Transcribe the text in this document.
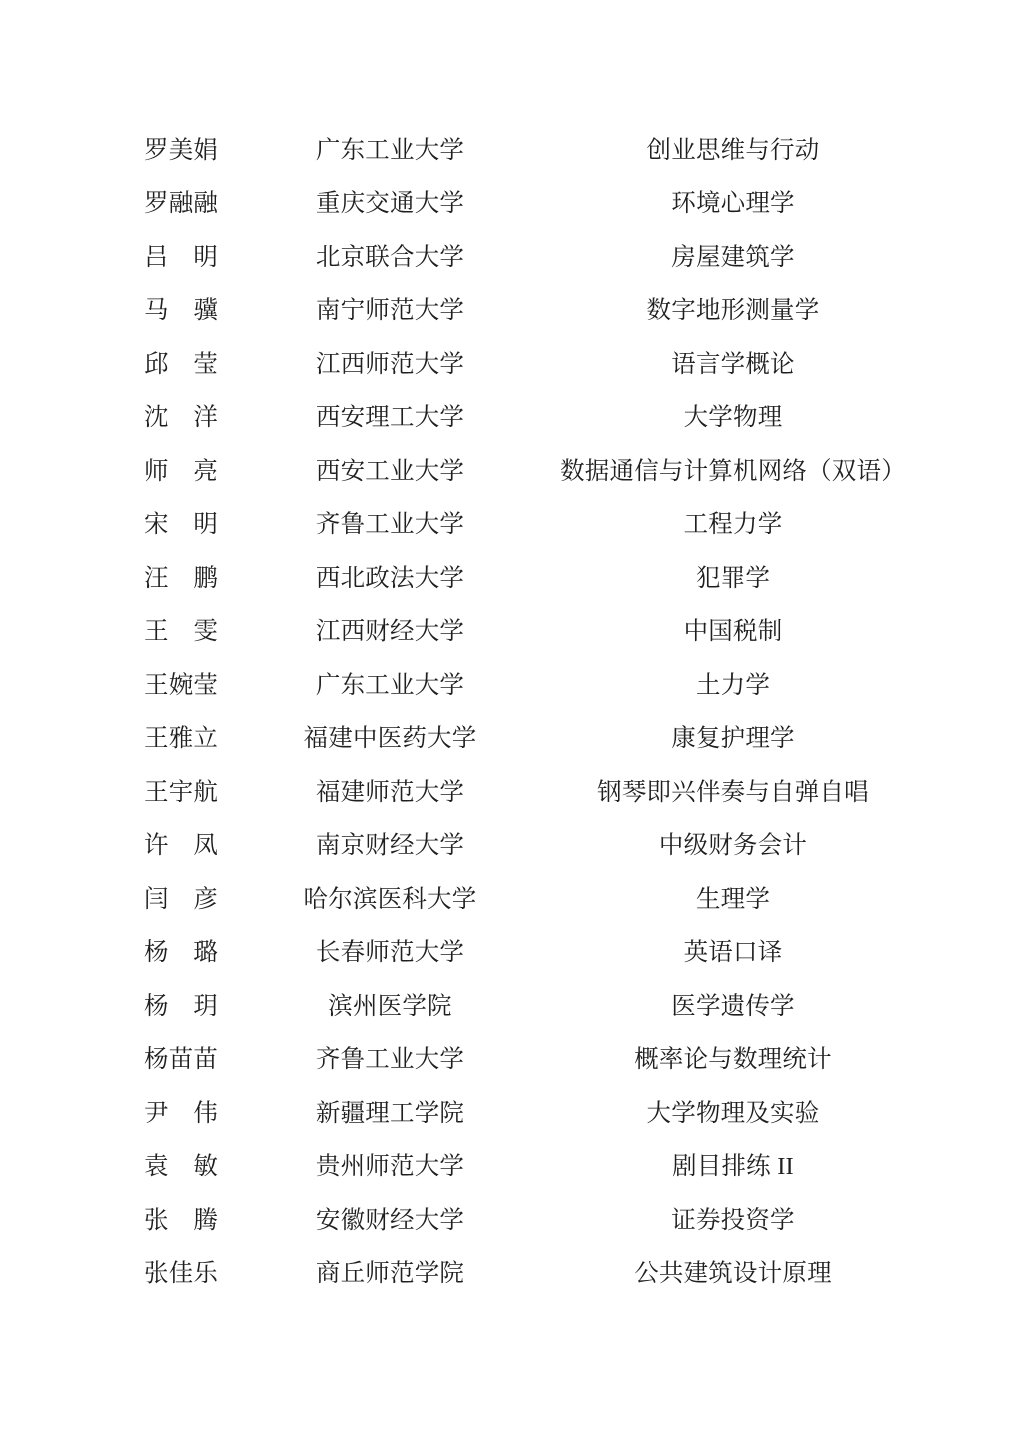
罗美娟	广东工业大学	创业思维与行动
罗融融	重庆交通大学	环境心理学
吕　明	北京联合大学	房屋建筑学
马　骥	南宁师范大学	数字地形测量学
邱　莹	江西师范大学	语言学概论
沈　洋	西安理工大学	大学物理
师　亮	西安工业大学	数据通信与计算机网络（双语）
宋　明	齐鲁工业大学	工程力学
汪　鹏	西北政法大学	犯罪学
王　雯	江西财经大学	中国税制
王婉莹	广东工业大学	土力学
王雅立	福建中医药大学	康复护理学
王宇航	福建师范大学	钢琴即兴伴奏与自弹自唱
许　凤	南京财经大学	中级财务会计
闫　彦	哈尔滨医科大学	生理学
杨　璐	长春师范大学	英语口译
杨　玥	滨州医学院	医学遗传学
杨苗苗	齐鲁工业大学	概率论与数理统计
尹　伟	新疆理工学院	大学物理及实验
袁　敏	贵州师范大学	剧目排练 II
张　腾	安徽财经大学	证券投资学
张佳乐	商丘师范学院	公共建筑设计原理
